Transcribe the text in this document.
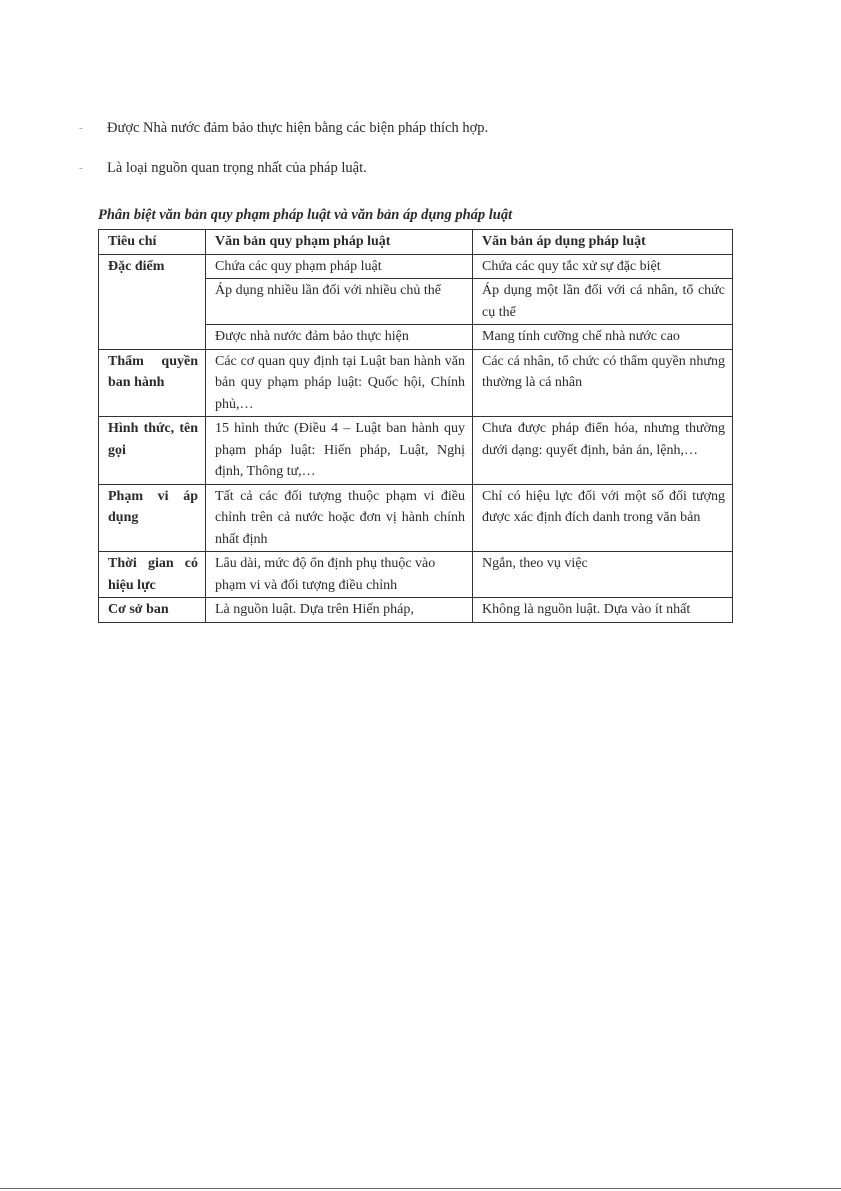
- Được Nhà nước đảm bảo thực hiện bằng các biện pháp thích hợp.
- Là loại nguồn quan trọng nhất của pháp luật.
Phân biệt văn bản quy phạm pháp luật và văn bản áp dụng pháp luật
Tiêu chí	Văn bản quy phạm pháp luật	Văn bản áp dụng pháp luật
Đặc điểm	Chứa các quy phạm pháp luật	Chứa các quy tắc xử sự đặc biệt
	Áp dụng nhiều lần đối với nhiều chủ thể	Áp dụng một lần đối với cá nhân, tổ chức cụ thể
	Được nhà nước đảm bảo thực hiện	Mang tính cưỡng chế nhà nước cao
Thẩm quyền ban hành	Các cơ quan quy định tại Luật ban hành văn bản quy phạm pháp luật: Quốc hội, Chính phủ,…	Các cá nhân, tổ chức có thẩm quyền nhưng thường là cá nhân
Hình thức, tên gọi	15 hình thức (Điều 4 – Luật ban hành quy phạm pháp luật: Hiến pháp, Luật, Nghị định, Thông tư,…	Chưa được pháp điển hóa, nhưng thường dưới dạng: quyết định, bản án, lệnh,…
Phạm vi áp dụng	Tất cả các đối tượng thuộc phạm vi điều chỉnh trên cả nước hoặc đơn vị hành chính nhất định	Chỉ có hiệu lực đối với một số đối tượng được xác định đích danh trong văn bản
Thời gian có hiệu lực	Lâu dài, mức độ ổn định phụ thuộc vào phạm vi và đối tượng điều chỉnh	Ngắn, theo vụ việc
Cơ sở ban	Là nguồn luật. Dựa trên Hiến pháp,	Không là nguồn luật. Dựa vào ít nhất
